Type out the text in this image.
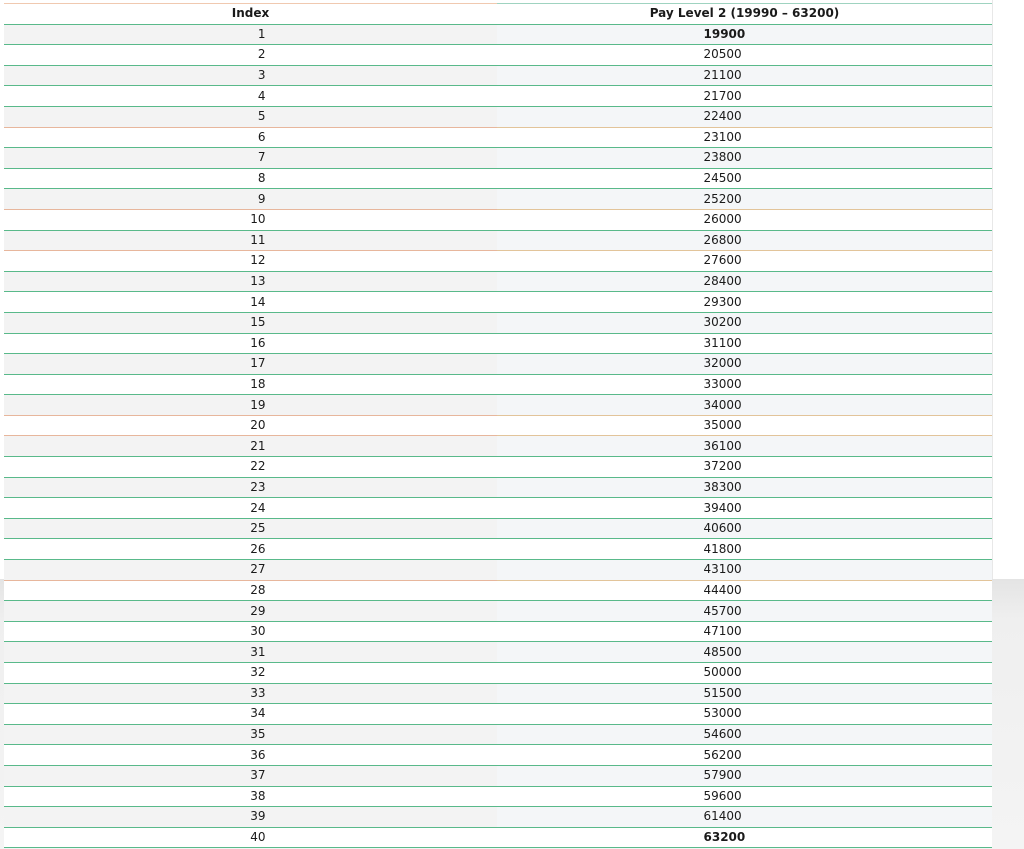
Index	Pay Level 2 (19990 – 63200)
1	19900
2	20500
3	21100
4	21700
5	22400
6	23100
7	23800
8	24500
9	25200
10	26000
11	26800
12	27600
13	28400
14	29300
15	30200
16	31100
17	32000
18	33000
19	34000
20	35000
21	36100
22	37200
23	38300
24	39400
25	40600
26	41800
27	43100
28	44400
29	45700
30	47100
31	48500
32	50000
33	51500
34	53000
35	54600
36	56200
37	57900
38	59600
39	61400
40	63200
